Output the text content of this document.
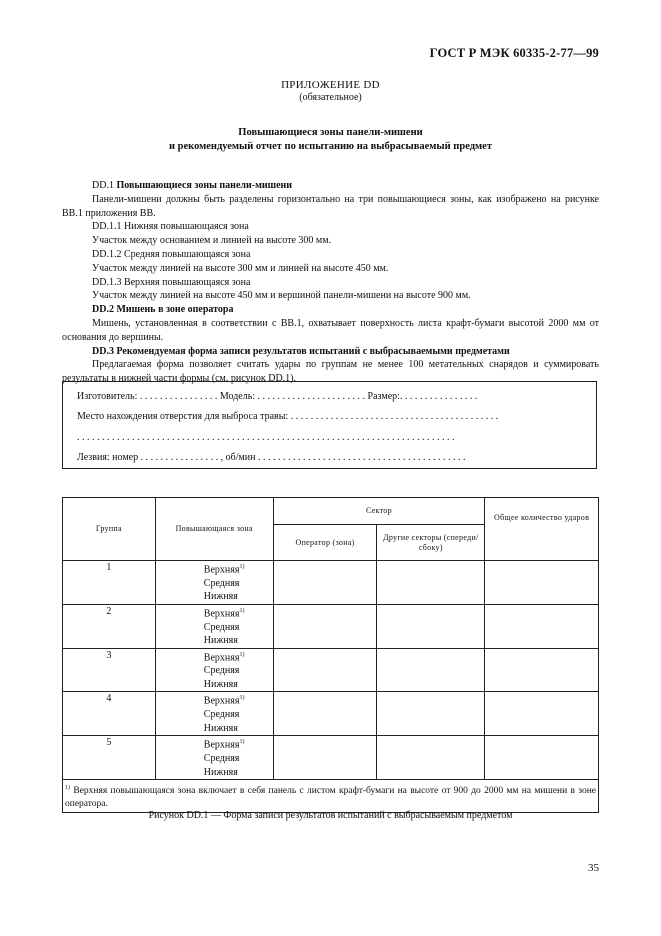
ГОСТ Р МЭК 60335-2-77—99
ПРИЛОЖЕНИЕ DD
(обязательное)
Повышающиеся зоны панели-мишени
и рекомендуемый отчет по испытанию на выбрасываемый предмет

DD.1 Повышающиеся зоны панели-мишени

Панели-мишени должны быть разделены горизонтально на три повышающиеся зоны, как изображено на рисунке ВВ.1 приложения ВВ.

DD.1.1 Нижняя повышающаяся зона

Участок между основанием и линией на высоте 300 мм.

DD.1.2 Средняя повышающаяся зона

Участок между линией на высоте 300 мм и линией на высоте 450 мм.

DD.1.3 Верхняя повышающаяся зона

Участок между линией на высоте 450 мм и вершиной панели-мишени на высоте 900 мм.

DD.2 Мишень в зоне оператора

Мишень, установленная в соответствии с ВВ.1, охватывает поверхность листа крафт-бумаги высотой 2000 мм от основания до вершины.

DD.3 Рекомендуемая форма записи результатов испытаний с выбрасываемыми предметами

Предлагаемая форма позволяет считать удары по группам не менее 100 метательных снарядов и суммировать результаты в нижней части формы (см. рисунок DD.1).

Изготовитель: . . . . . . . . . . . . . . . . Модель: . . . . . . . . . . . . . . . . . . . . . . Размер:. . . . . . . . . . . . . . . .
Место нахождения отверстия для выброса травы: . . . . . . . . . . . . . . . . . . . . . . . . . . . . . . . . . . . . . . . . . .
. . . . . . . . . . . . . . . . . . . . . . . . . . . . . . . . . . . . . . . . . . . . . . . . . . . . . . . . . . . . . . . . . . . . . . . . . . . .
Лезвия: номер . . . . . . . . . . . . . . . . , об/мин . . . . . . . . . . . . . . . . . . . . . . . . . . . . . . . . . . . . . . . . . .
Группа	Повышающаяся зона	Сектор		Общее количество ударов
		Оператор (зона)	Другие секторы (спереди/сбоку)	
1	Верхняя$^{1)}$
Средняя
Нижняя			

2	Верхняя$^{1)}$
Средняя
Нижняя			

3	Верхняя$^{1)}$
Средняя
Нижняя			

4	Верхняя$^{1)}$
Средняя
Нижняя			

5	Верхняя$^{1)}$
Средняя
Нижняя			

$^{1)}$ Верхняя повышающаяся зона включает в себя панель с листом крафт-бумаги на высоте от 900 до 2000 мм на мишени в зоне оператора.				
Рисунок DD.1 — Форма записи результатов испытаний с выбрасываемым предметом
35
